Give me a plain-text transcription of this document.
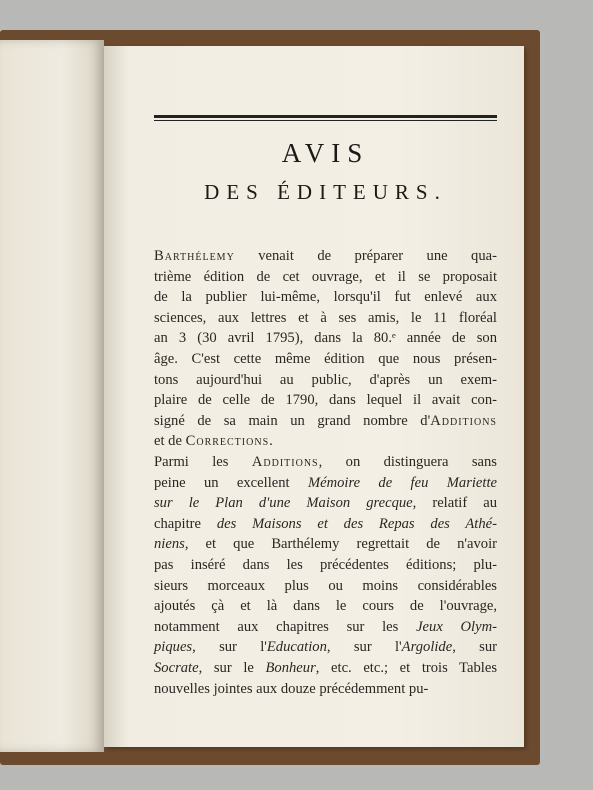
AVIS
DES ÉDITEURS.
Barthélemy venait de préparer une qua-
trième édition de cet ouvrage, et il se proposait
de la publier lui-même, lorsqu'il fut enlevé aux
sciences, aux lettres et à ses amis, le 11 floréal
an 3 (30 avril 1795), dans la 80.ᵉ année de son
âge. C'est cette même édition que nous présen-
tons aujourd'hui au public, d'après un exem-
plaire de celle de 1790, dans lequel il avait con-
signé de sa main un grand nombre d'Additions
et de Corrections.
Parmi les Additions, on distinguera sans
peine un excellent Mémoire de feu Mariette
sur le Plan d'une Maison grecque, relatif au
chapitre des Maisons et des Repas des Athé-
niens, et que Barthélemy regrettait de n'avoir
pas inséré dans les précédentes éditions; plu-
sieurs morceaux plus ou moins considérables
ajoutés çà et là dans le cours de l'ouvrage,
notamment aux chapitres sur les Jeux Olym-
piques, sur l'Education, sur l'Argolide, sur
Socrate, sur le Bonheur, etc. etc.; et trois Tables
nouvelles jointes aux douze précédemment pu-
